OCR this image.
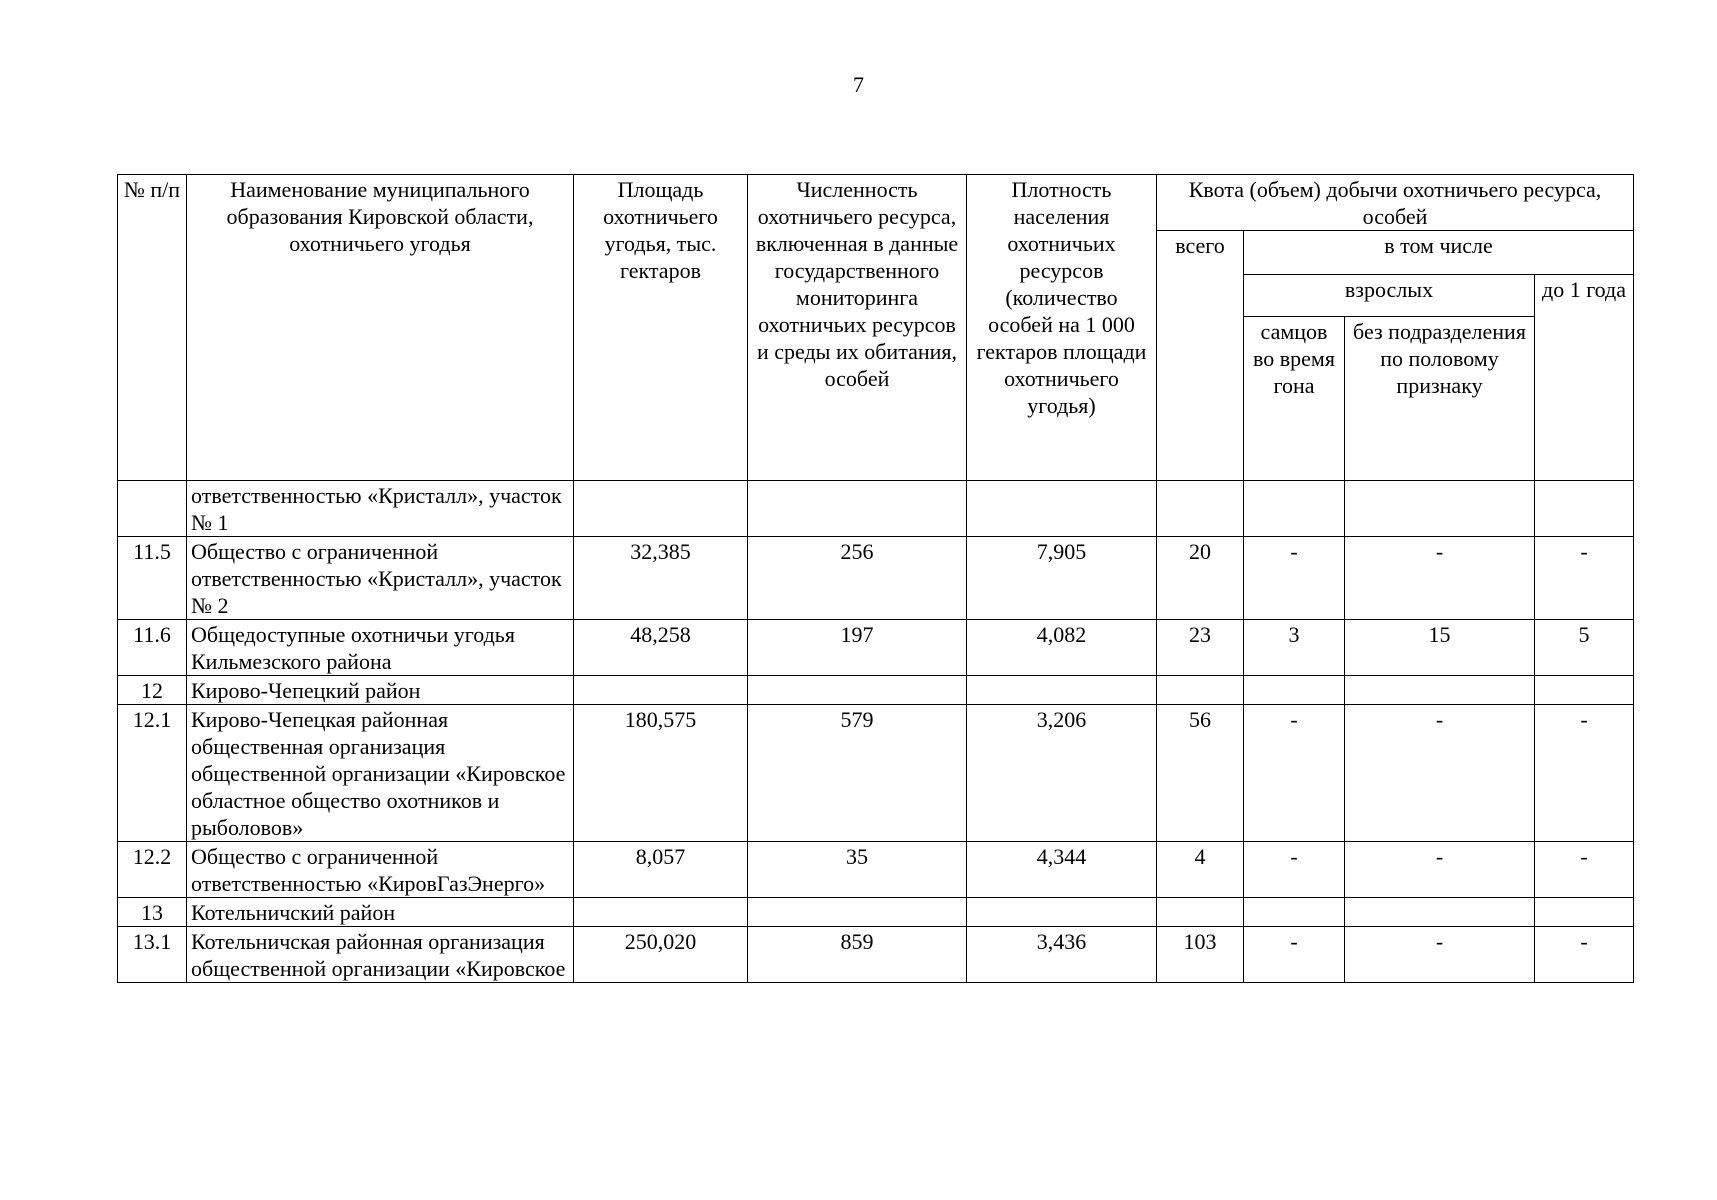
7
№ п/п	Наименование муниципального образования Кировской области, охотничьего угодья	Площадь охотничьего угодья, тыс. гектаров	Численность охотничьего ресурса, включенная в данные государственного мониторинга охотничьих ресурсов и среды их обитания, особей	Плотность населения охотничьих ресурсов (количество особей на 1 000 гектаров площади охотничьего угодья)	Квота (объем) добычи охотничьего ресурса, особей			
					всего	в том числе		
						взрослых		до 1 года
						самцов во время гона	без подразделения по половому признаку	
	ответственностью «Кристалл», участок № 1							
11.5	Общество с ограниченной ответственностью «Кристалл», участок № 2	32,385	256	7,905	20	-	-	-
11.6	Общедоступные охотничьи угодья Кильмезского района	48,258	197	4,082	23	3	15	5
12	Кирово-Чепецкий район							
12.1	Кирово-Чепецкая районная общественная организация общественной организации «Кировское областное общество охотников и рыболовов»	180,575	579	3,206	56	-	-	-
12.2	Общество с ограниченной ответственностью «КировГазЭнерго»	8,057	35	4,344	4	-	-	-
13	Котельничский район							
13.1	Котельничская районная организация общественной организации «Кировское	250,020	859	3,436	103	-	-	-
